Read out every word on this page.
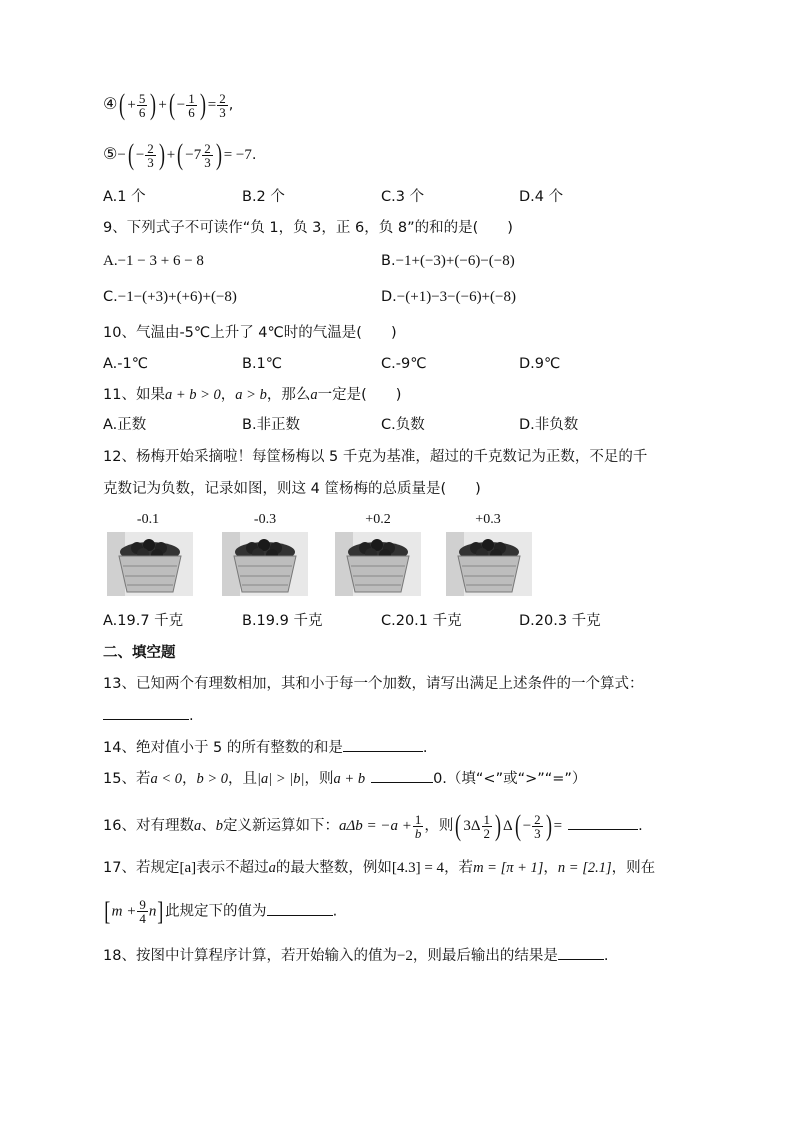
④( + $\frac{5}{6}$ ) +( − $\frac{1}{6}$ ) = $\frac{2}{3}$ ,
⑤−( − $\frac{2}{3}$ ) +( $-7 \frac{2}{3}$ ) = −7.
A.1 个	B.2 个	C.3 个	D.4 个
9、下列式子不可读作“负 1，负 3，正 6，负 8”的和的是(　　)
A.−1 − 3 + 6 − 8	B.−1+(−3)+(−6)−(−8)
C.−1−(+3)+(+6)+(−8)	D.−(+1)−3−(−6)+(−8)
10、气温由-5℃上升了 4℃时的气温是(　　)
A.-1℃	B.1℃	C.-9℃	D.9℃
11、如果a + b > 0，a > b，那么a一定是(　　)
A.正数	B.非正数	C.负数	D.非负数
12、杨梅开始采摘啦！每筐杨梅以 5 千克为基准，超过的千克数记为正数，不足的千
克数记为负数，记录如图，则这 4 筐杨梅的总质量是(　　)
-0.1	-0.3	+0.2	+0.3
A.19.7 千克	B.19.9 千克	C.20.1 千克	D.20.3 千克
二、填空题
13、已知两个有理数相加，其和小于每一个加数，请写出满足上述条件的一个算式：
.
14、绝对值小于 5 的所有整数的和是	.
15、若a < 0，b > 0，且|a| > |b|，则a + b	0.（填“<”或“>”“=”）
16、对有理数a、b定义新运算如下：$a\Delta b = -a + \frac{1}{b}$ ，则( $3\Delta \frac{1}{2}$ ) $\Delta( - \frac{2}{3}$ ) =	.
17、若规定[a]表示不超过a的最大整数，例如[4.3] = 4，若m = [π + 1]，n = [2.1]，则在
$[m + \frac{9}{4} n]$此规定下的值为	.
18、按图中计算程序计算，若开始输入的值为−2，则最后输出的结果是	.
